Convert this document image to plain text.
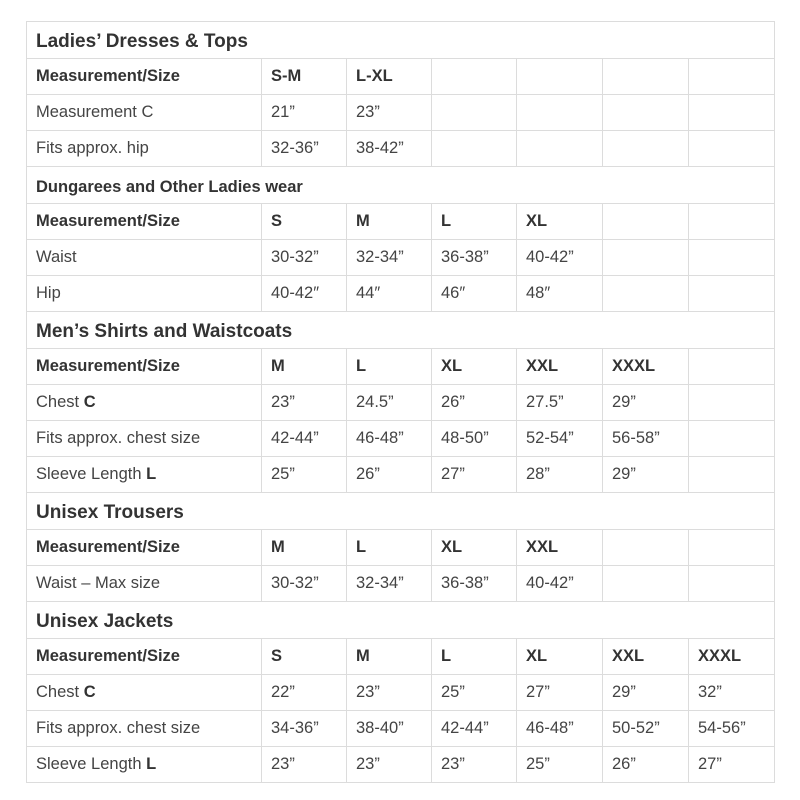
Ladies’ Dresses & Tops						
Measurement/Size	S-M	L-XL				
Measurement C	21”	23”				
Fits approx. hip	32-36”	38-42”				
Dungarees and Other Ladies wear						
Measurement/Size	S	M	L	XL		
Waist	30-32”	32-34”	36-38”	40-42”		
Hip	40-42″	44″	46″	48″		
Men’s Shirts and Waistcoats						
Measurement/Size	M	L	XL	XXL	XXXL	
Chest C	23”	24.5”	26”	27.5”	29”	
Fits approx. chest size	42-44”	46-48”	48-50”	52-54”	56-58”	
Sleeve Length L	25”	26”	27”	28”	29”	
Unisex Trousers						
Measurement/Size	M	L	XL	XXL		
Waist – Max size	30-32”	32-34”	36-38”	40-42”		
Unisex Jackets						
Measurement/Size	S	M	L	XL	XXL	XXXL
Chest C	22”	23”	25”	27”	29”	32”
Fits approx. chest size	34-36”	38-40”	42-44”	46-48”	50-52”	54-56”
Sleeve Length L	23”	23”	23”	25”	26”	27”
